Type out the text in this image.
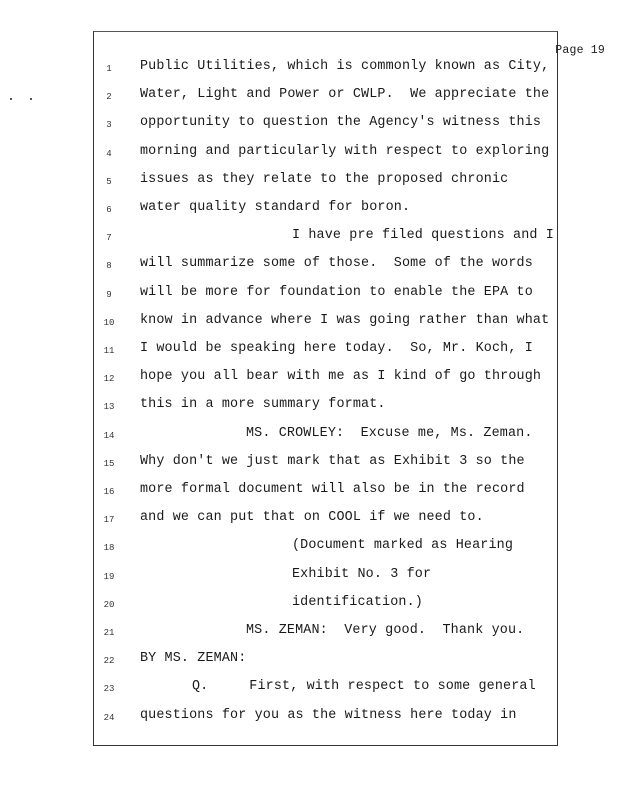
Page 19
1	Public Utilities, which is commonly known as City,
2	Water, Light and Power or CWLP.  We appreciate the
3	opportunity to question the Agency's witness this
4	morning and particularly with respect to exploring
5	issues as they relate to the proposed chronic
6	water quality standard for boron.
7	I have pre filed questions and I
8	will summarize some of those.  Some of the words
9	will be more for foundation to enable the EPA to
10	know in advance where I was going rather than what
11	I would be speaking here today.  So, Mr. Koch, I
12	hope you all bear with me as I kind of go through
13	this in a more summary format.
14	MS. CROWLEY:  Excuse me, Ms. Zeman.
15	Why don't we just mark that as Exhibit 3 so the
16	more formal document will also be in the record
17	and we can put that on COOL if we need to.
18	(Document marked as Hearing
19	Exhibit No. 3 for
20	identification.)
21	MS. ZEMAN:  Very good.  Thank you.
22	BY MS. ZEMAN:
23	Q.     First, with respect to some general
24	questions for you as the witness here today in
